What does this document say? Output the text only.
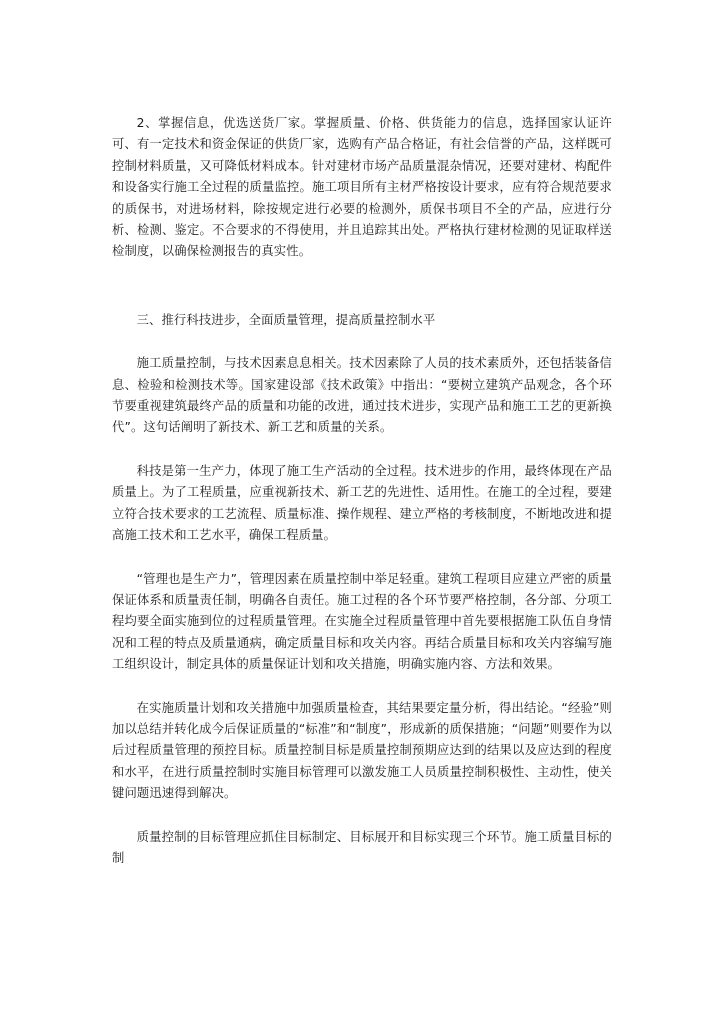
2、掌握信息，优选送货厂家。掌握质量、价格、供货能力的信息，选择国家认证许可、有一定技术和资金保证的供货厂家，选购有产品合格证，有社会信誉的产品，这样既可控制材料质量，又可降低材料成本。针对建材市场产品质量混杂情况，还要对建材、构配件和设备实行施工全过程的质量监控。施工项目所有主材严格按设计要求，应有符合规范要求的质保书，对进场材料，除按规定进行必要的检测外，质保书项目不全的产品，应进行分析、检测、鉴定。不合要求的不得使用，并且追踪其出处。严格执行建材检测的见证取样送检制度，以确保检测报告的真实性。

三、推行科技进步，全面质量管理，提高质量控制水平

施工质量控制，与技术因素息息相关。技术因素除了人员的技术素质外，还包括装备信息、检验和检测技术等。国家建设部《技术政策》中指出：“要树立建筑产品观念，各个环节要重视建筑最终产品的质量和功能的改进，通过技术进步，实现产品和施工工艺的更新换代”。这句话阐明了新技术、新工艺和质量的关系。

科技是第一生产力，体现了施工生产活动的全过程。技术进步的作用，最终体现在产品质量上。为了工程质量，应重视新技术、新工艺的先进性、适用性。在施工的全过程，要建立符合技术要求的工艺流程、质量标准、操作规程、建立严格的考核制度，不断地改进和提高施工技术和工艺水平，确保工程质量。

“管理也是生产力”，管理因素在质量控制中举足轻重。建筑工程项目应建立严密的质量保证体系和质量责任制，明确各自责任。施工过程的各个环节要严格控制，各分部、分项工程均要全面实施到位的过程质量管理。在实施全过程质量管理中首先要根据施工队伍自身情况和工程的特点及质量通病，确定质量目标和攻关内容。再结合质量目标和攻关内容编写施工组织设计，制定具体的质量保证计划和攻关措施，明确实施内容、方法和效果。

在实施质量计划和攻关措施中加强质量检查，其结果要定量分析，得出结论。“经验”则加以总结并转化成今后保证质量的“标准”和“制度”，形成新的质保措施；“问题”则要作为以后过程质量管理的预控目标。质量控制目标是质量控制预期应达到的结果以及应达到的程度和水平，在进行质量控制时实施目标管理可以激发施工人员质量控制积极性、主动性，使关键问题迅速得到解决。

质量控制的目标管理应抓住目标制定、目标展开和目标实现三个环节。施工质量目标的制
